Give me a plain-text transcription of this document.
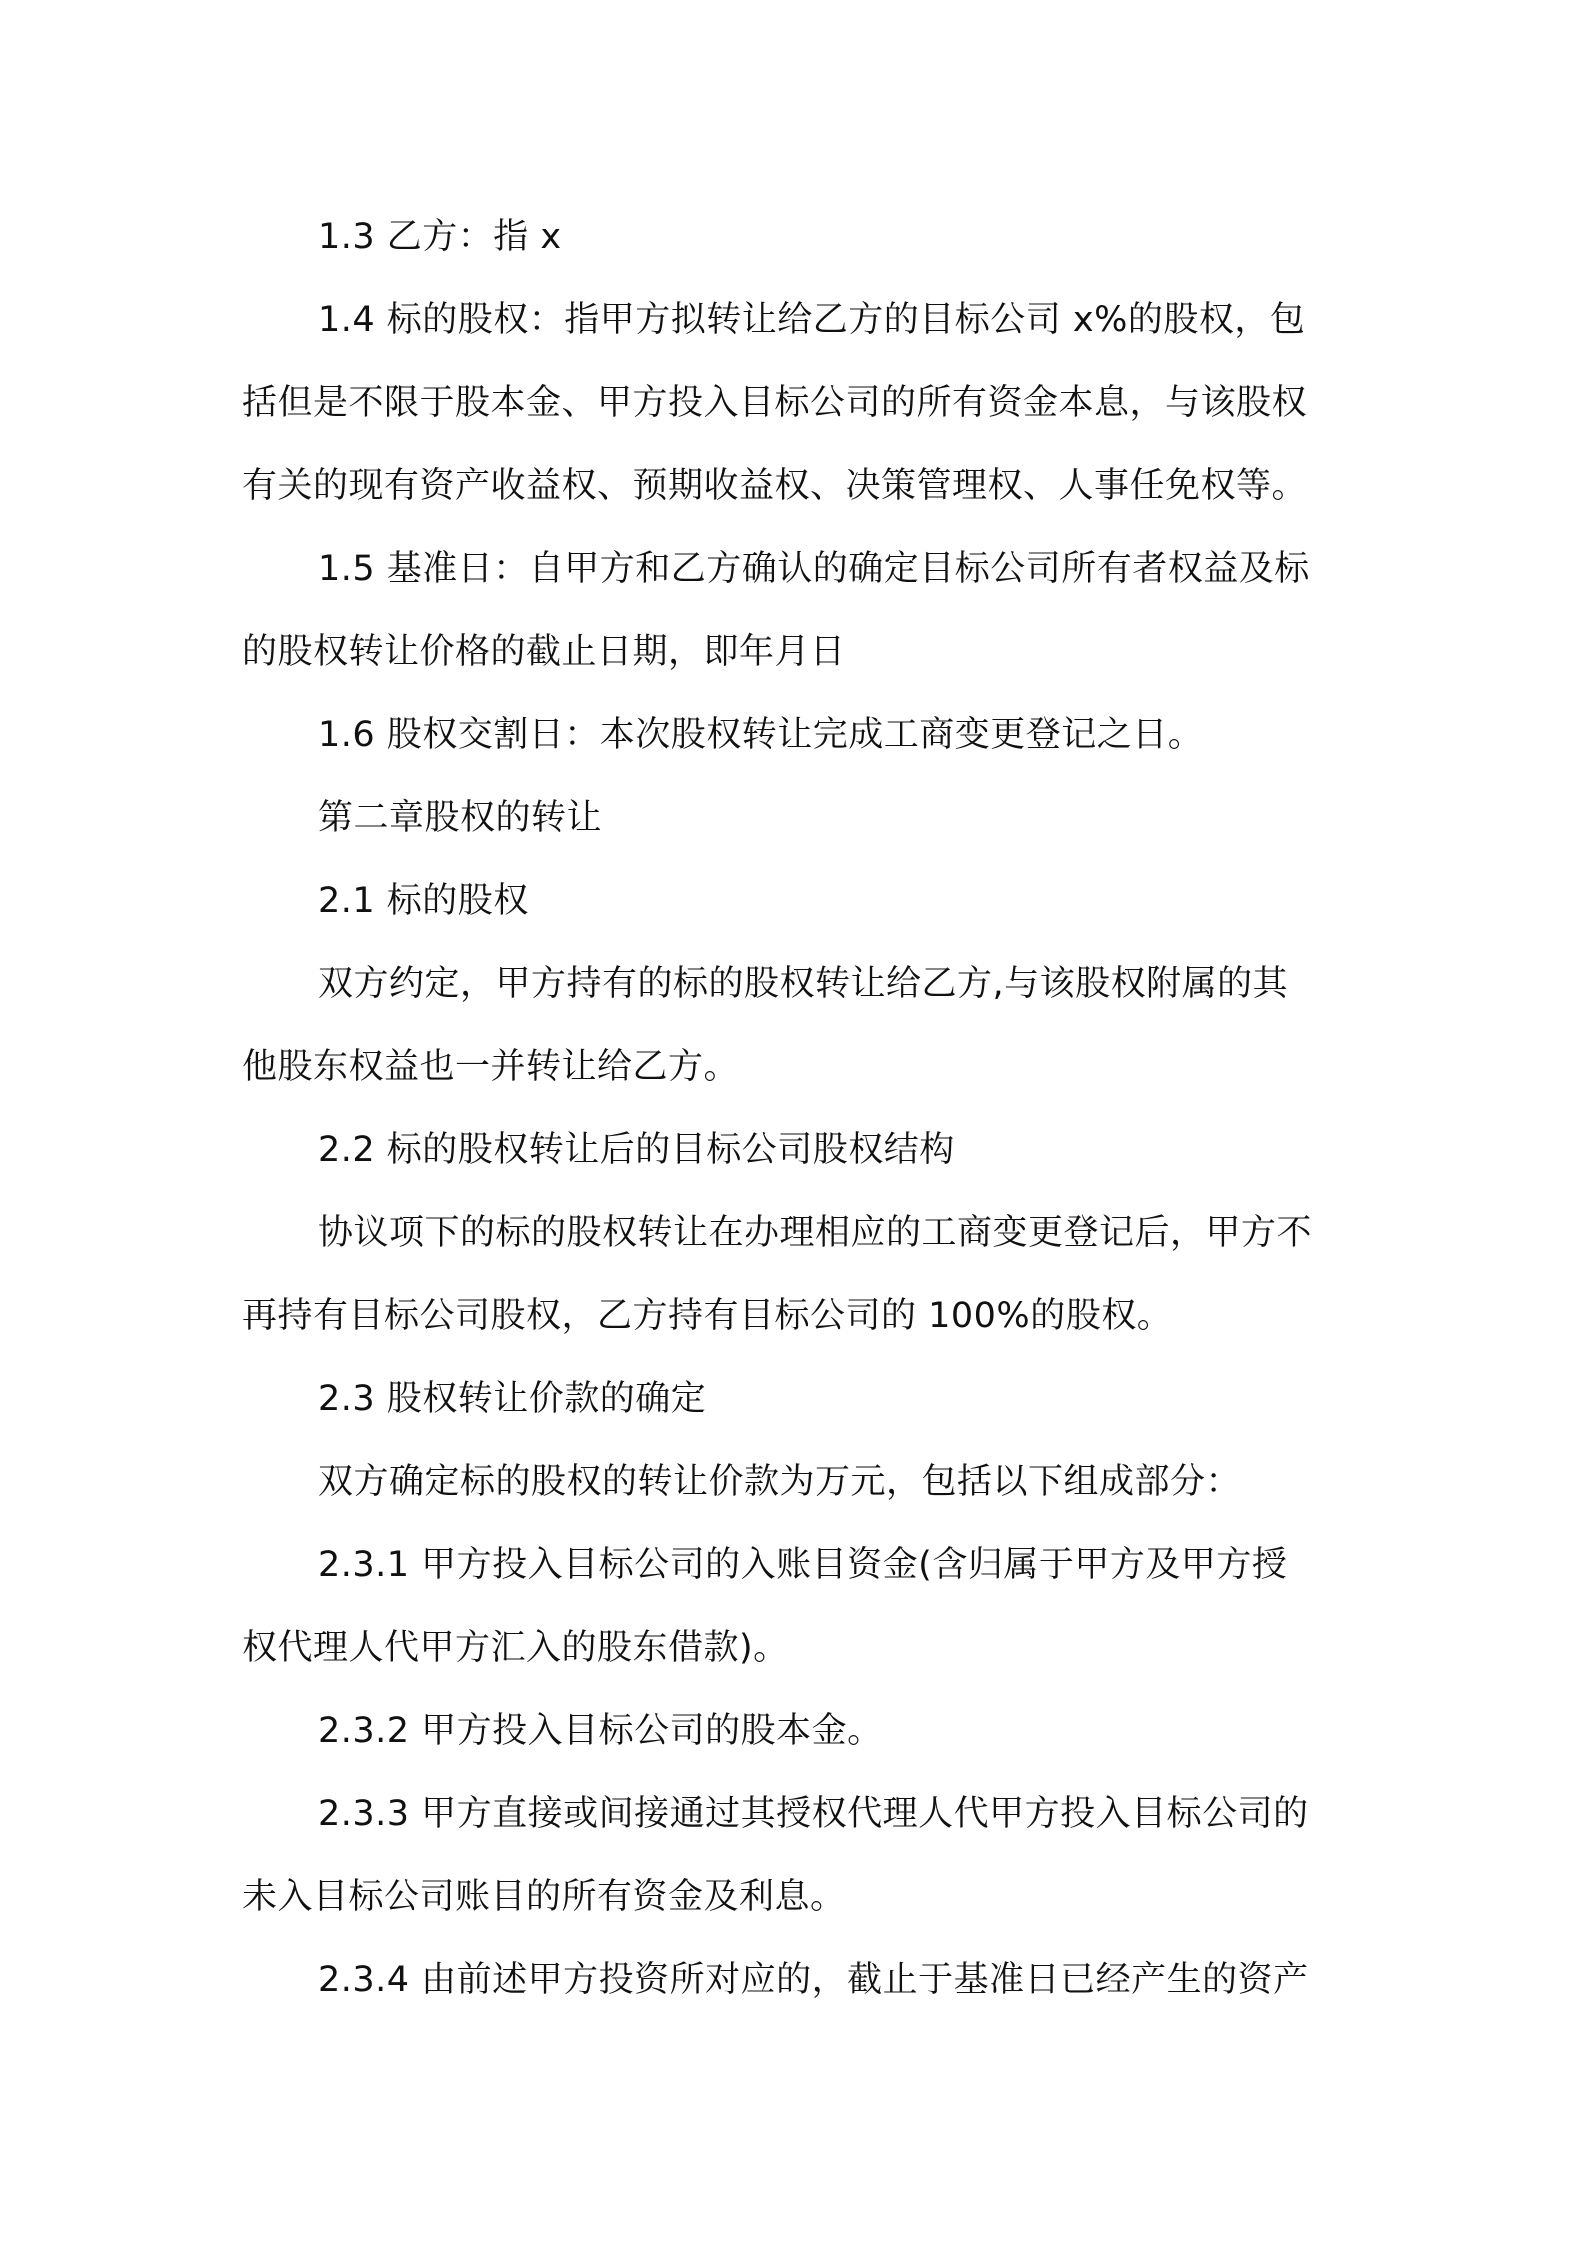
1.3 乙方：指 x
1.4 标的股权：指甲方拟转让给乙方的目标公司 x%的股权，包
括但是不限于股本金、甲方投入目标公司的所有资金本息，与该股权
有关的现有资产收益权、预期收益权、决策管理权、人事任免权等。
1.5 基准日：自甲方和乙方确认的确定目标公司所有者权益及标
的股权转让价格的截止日期，即年月日
1.6 股权交割日：本次股权转让完成工商变更登记之日。
第二章股权的转让
2.1 标的股权
双方约定，甲方持有的标的股权转让给乙方,与该股权附属的其
他股东权益也一并转让给乙方。
2.2 标的股权转让后的目标公司股权结构
协议项下的标的股权转让在办理相应的工商变更登记后，甲方不
再持有目标公司股权，乙方持有目标公司的 100%的股权。
2.3 股权转让价款的确定
双方确定标的股权的转让价款为万元，包括以下组成部分：
2.3.1 甲方投入目标公司的入账目资金(含归属于甲方及甲方授
权代理人代甲方汇入的股东借款)。
2.3.2 甲方投入目标公司的股本金。
2.3.3 甲方直接或间接通过其授权代理人代甲方投入目标公司的
未入目标公司账目的所有资金及利息。
2.3.4 由前述甲方投资所对应的，截止于基准日已经产生的资产
